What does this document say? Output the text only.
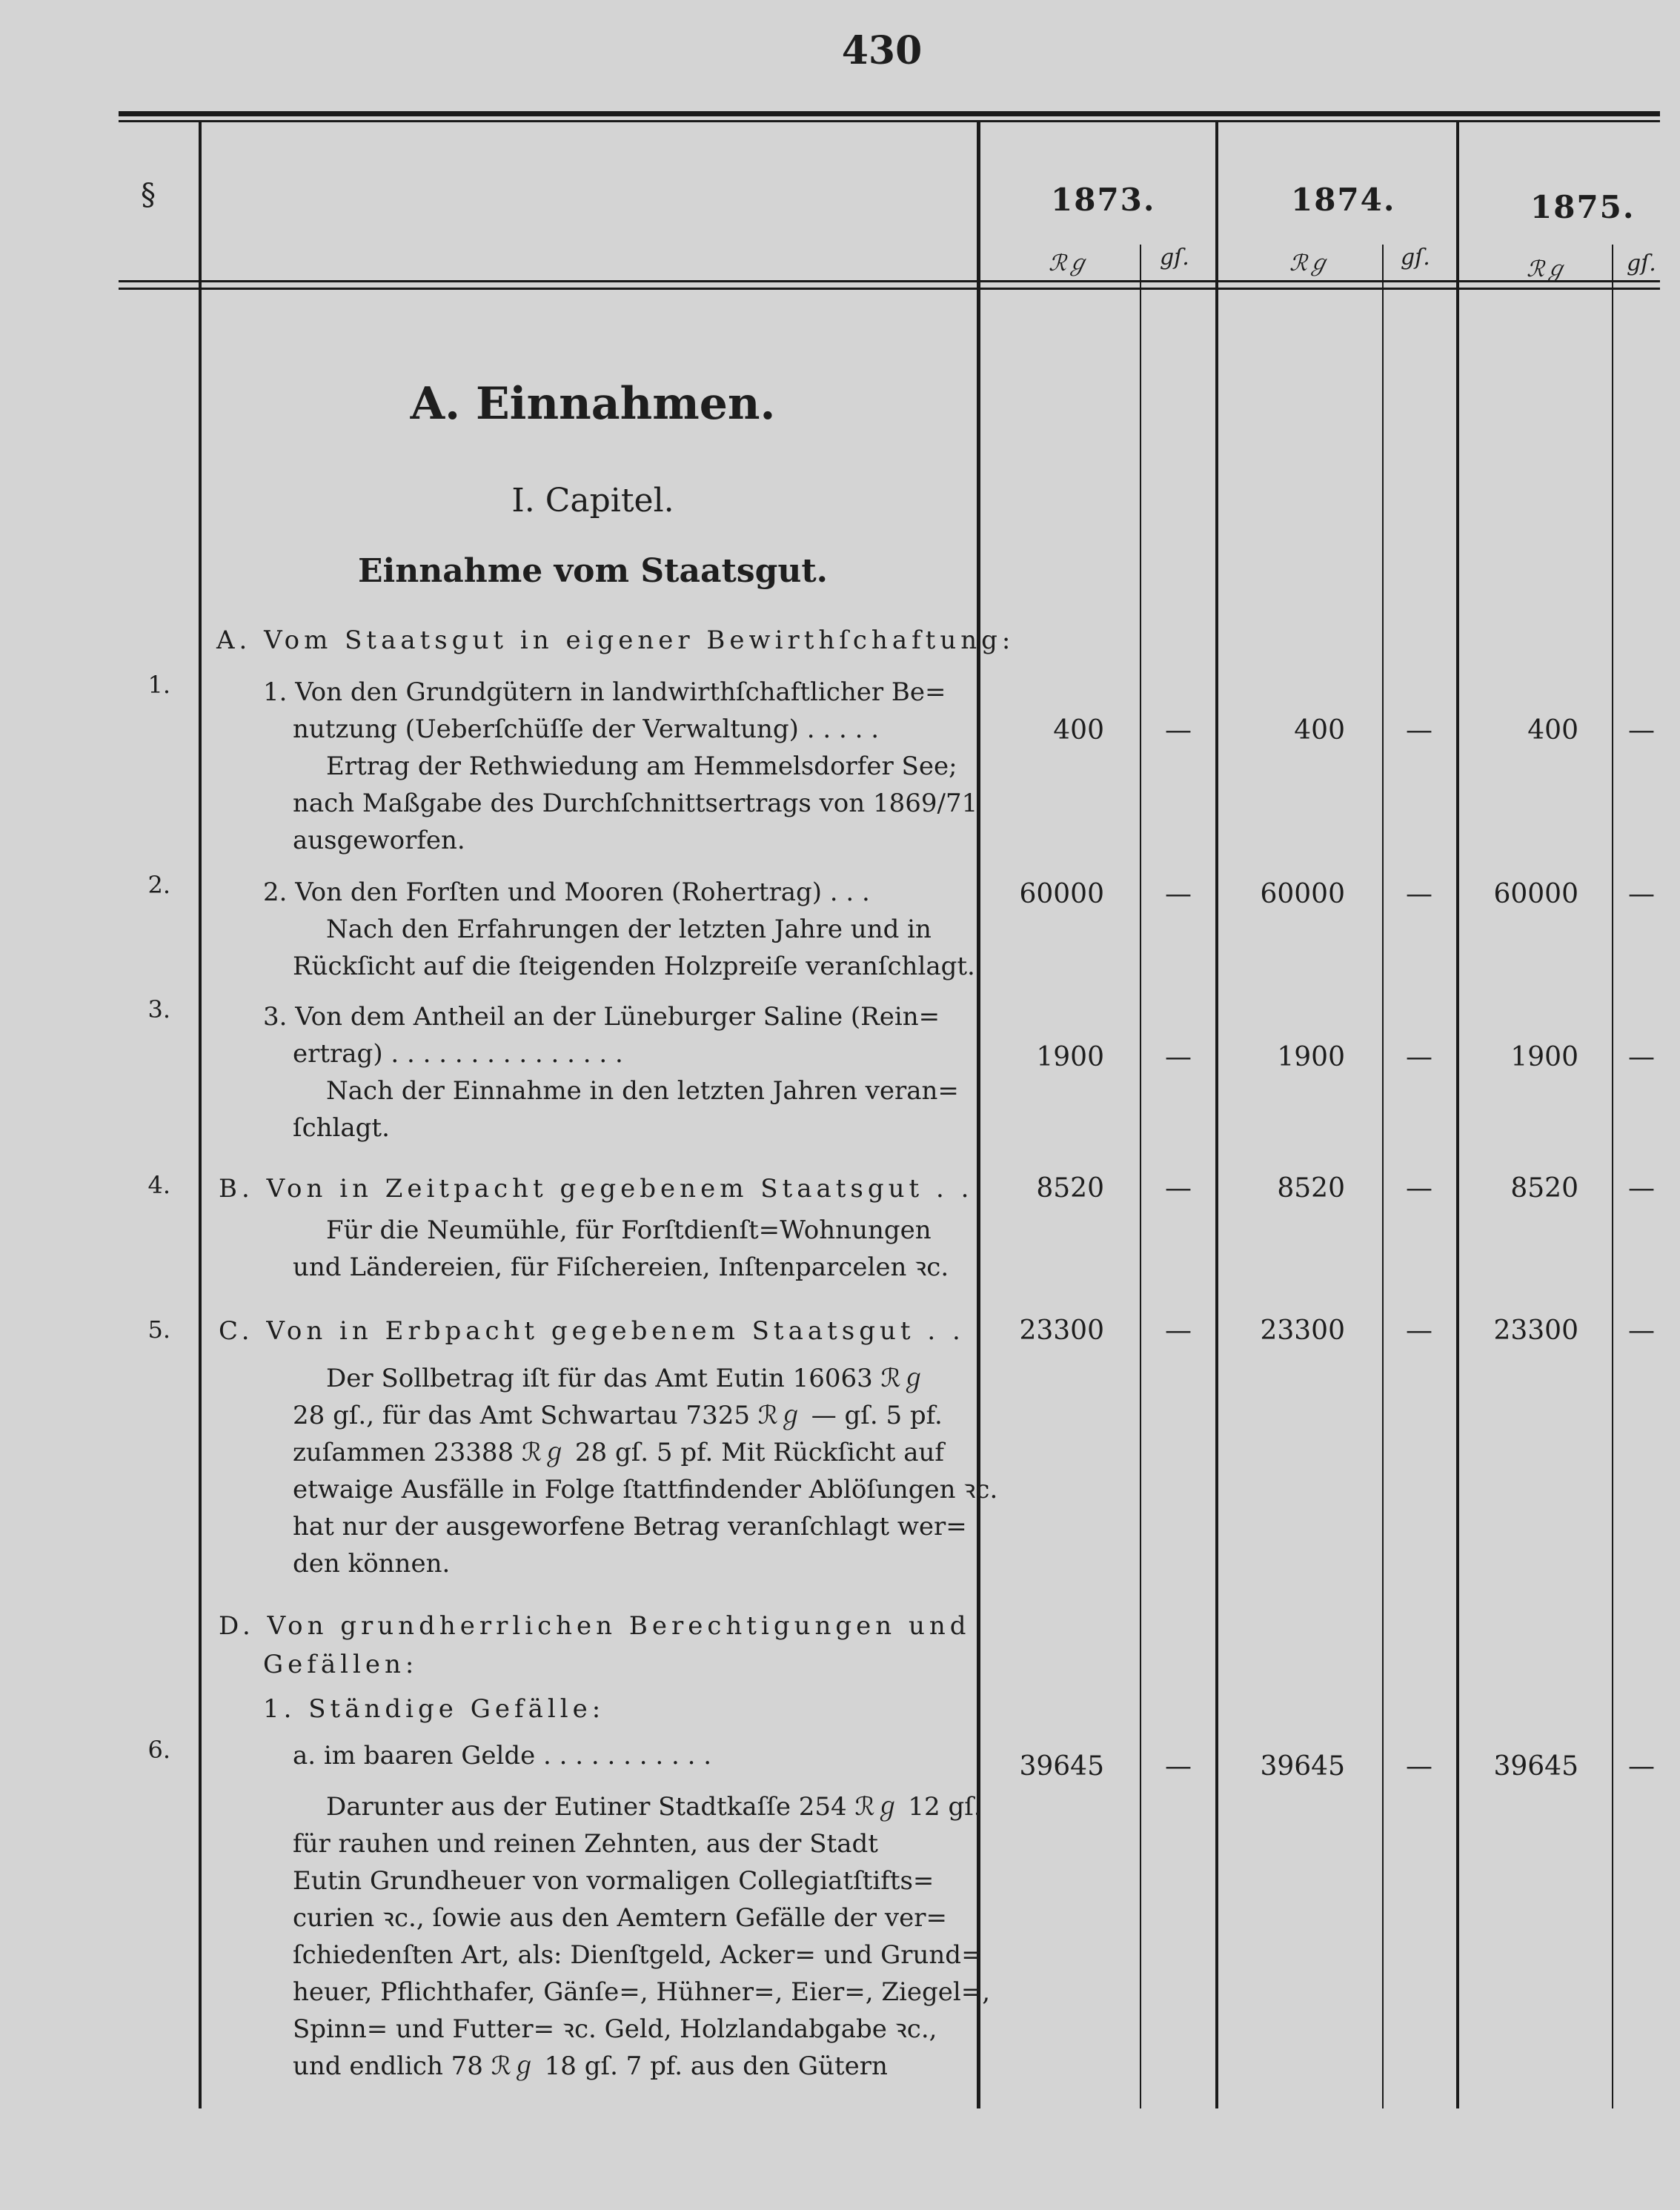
430
§	1873.	1874.	1875.
ℛℊ	gſ.	ℛℊ	gſ.	ℛℊ	gſ.
A. Einnahmen.
I. Capitel.
Einnahme vom Staatsgut.
A. Vom Staatsgut in eigener Bewirthſchaftung:
1.	1. Von den Grundgütern in landwirthſchaftlicher Be=
nutzung (Ueberſchüſſe der Verwaltung) . . . . .
Ertrag der Rethwiedung am Hemmelsdorfer See;
nach Maßgabe des Durchſchnittsertrags von 1869/71
ausgeworfen.
400	—	400	—	400	—
2.	2. Von den Forſten und Mooren (Rohertrag) . . .
Nach den Erfahrungen der letzten Jahre und in
Rückſicht auf die ſteigenden Holzpreiſe veranſchlagt.
60000	—	60000	—	60000	—
3.	3. Von dem Antheil an der Lüneburger Saline (Rein=
ertrag) . . . . . . . . . . . . . . .
Nach der Einnahme in den letzten Jahren veran=
ſchlagt.
1900	—	1900	—	1900	—
4. B. Von in Zeitpacht gegebenem Staatsgut . .
Für die Neumühle, für Forſtdienſt=Wohnungen
und Ländereien, für Fiſchereien, Inſtenparcelen ꝛc.
8520	—	8520	—	8520	—
5. C. Von in Erbpacht gegebenem Staatsgut . .
Der Sollbetrag iſt für das Amt Eutin 16063 ℛℊ
28 gſ., für das Amt Schwartau 7325 ℛℊ — gſ. 5 pf.
zuſammen 23388 ℛℊ 28 gſ. 5 pf. Mit Rückſicht auf
etwaige Ausfälle in Folge ſtattfindender Ablöſungen ꝛc.
hat nur der ausgeworfene Betrag veranſchlagt wer=
den können.
23300	—	23300	—	23300	—
D. Von grundherrlichen Berechtigungen und
Gefällen:
1. Ständige Gefälle:
6.	a. im baaren Gelde . . . . . . . . . . .
Darunter aus der Eutiner Stadtkaſſe 254 ℛℊ 12 gſ.
für rauhen und reinen Zehnten, aus der Stadt
Eutin Grundheuer von vormaligen Collegiatſtifts=
curien ꝛc., ſowie aus den Aemtern Gefälle der ver=
ſchiedenſten Art, als: Dienſtgeld, Acker= und Grund=
heuer, Pflichthafer, Gänſe=, Hühner=, Eier=, Ziegel=,
Spinn= und Futter= ꝛc. Geld, Holzlandabgabe ꝛc.,
und endlich 78 ℛℊ 18 gſ. 7 pf. aus den Gütern
39645	—	39645	—	39645	—
